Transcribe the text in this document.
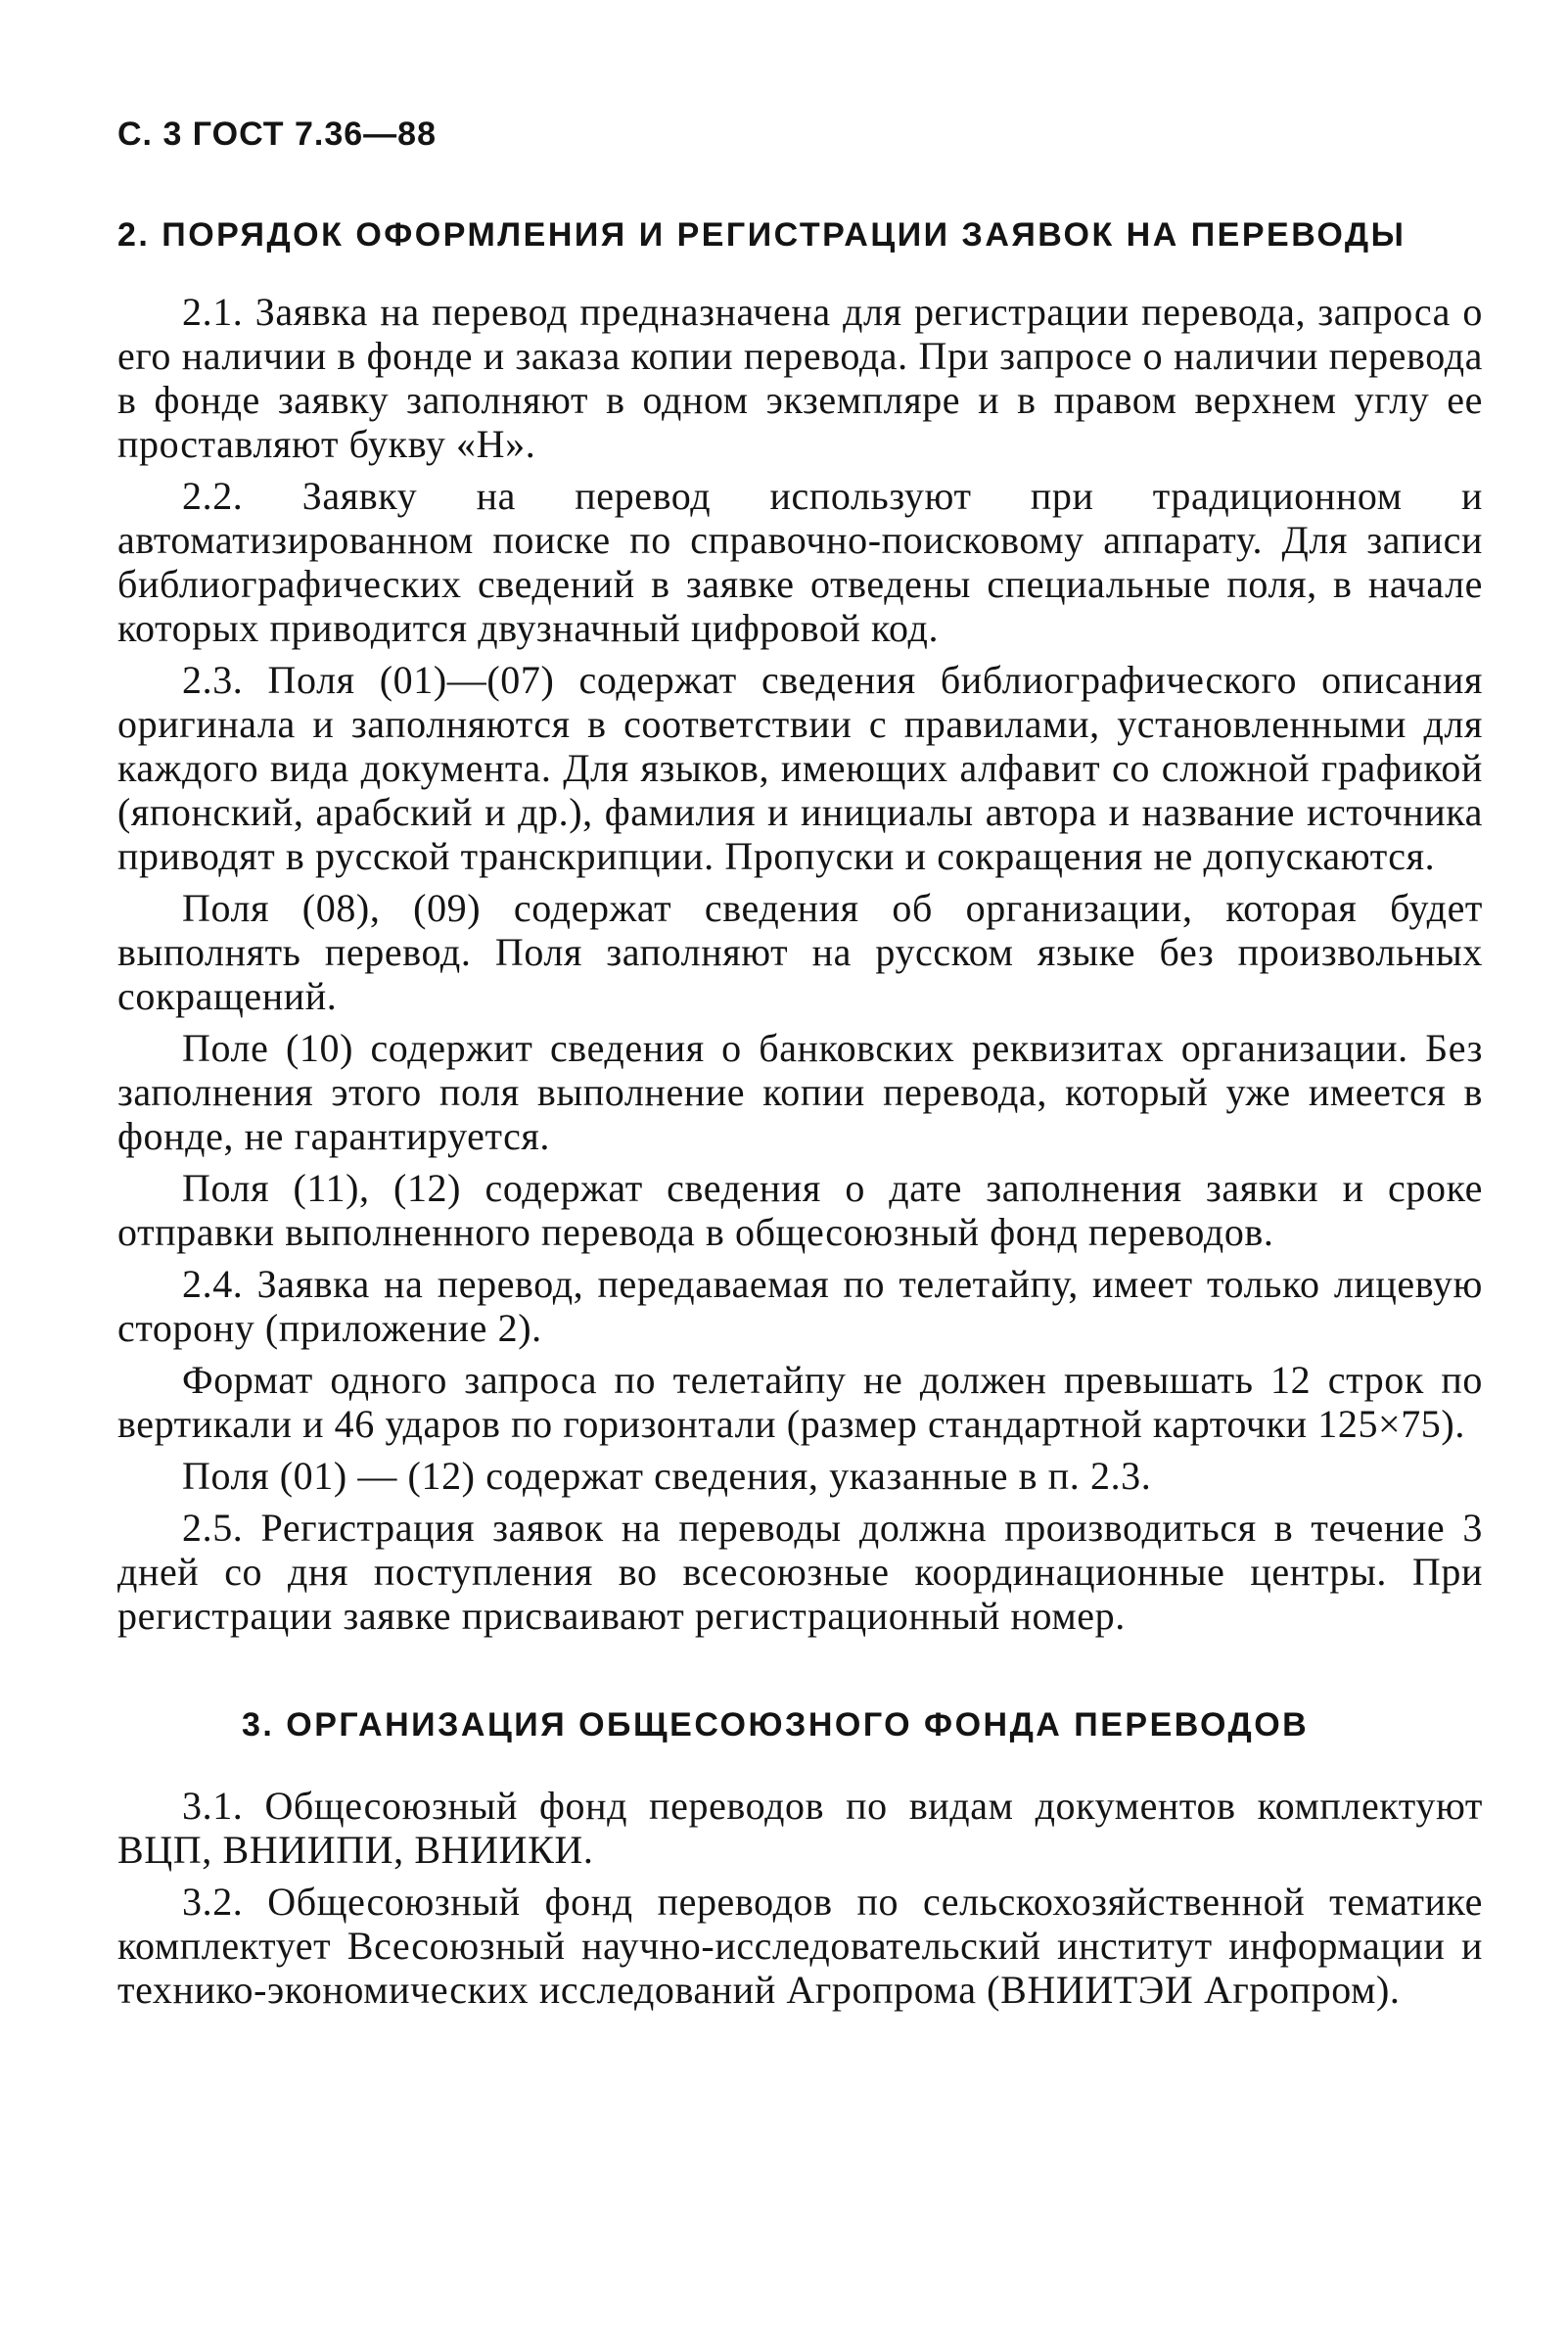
С. 3 ГОСТ 7.36—88
2. ПОРЯДОК ОФОРМЛЕНИЯ И РЕГИСТРАЦИИ ЗАЯВОК НА ПЕРЕВОДЫ

2.1. Заявка на перевод предназначена для регистрации перевода, запроса о его наличии в фонде и заказа копии перевода. При запросе о наличии перевода в фонде заявку заполняют в одном экземпляре и в правом верхнем углу ее проставляют букву «Н».

2.2. Заявку на перевод используют при традиционном и автоматизированном поиске по справочно-поисковому аппарату. Для записи библиографических сведений в заявке отведены специальные поля, в начале которых приводится двузначный цифровой код.

2.3. Поля (01)—(07) содержат сведения библиографического описания оригинала и заполняются в соответствии с правилами, установленными для каждого вида документа. Для языков, имеющих алфавит со сложной графикой (японский, арабский и др.), фамилия и инициалы автора и название источника приводят в русской транскрипции. Пропуски и сокращения не допускаются.

Поля (08), (09) содержат сведения об организации, которая будет выполнять перевод. Поля заполняют на русском языке без произвольных сокращений.

Поле (10) содержит сведения о банковских реквизитах организации. Без заполнения этого поля выполнение копии перевода, который уже имеется в фонде, не гарантируется.

Поля (11), (12) содержат сведения о дате заполнения заявки и сроке отправки выполненного перевода в общесоюзный фонд переводов.

2.4. Заявка на перевод, передаваемая по телетайпу, имеет только лицевую сторону (приложение 2).

Формат одного запроса по телетайпу не должен превышать 12 строк по вертикали и 46 ударов по горизонтали (размер стандартной карточки 125×75).

Поля (01) — (12) содержат сведения, указанные в п. 2.3.

2.5. Регистрация заявок на переводы должна производиться в течение 3 дней со дня поступления во всесоюзные координационные центры. При регистрации заявке присваивают регистрационный номер.

3. ОРГАНИЗАЦИЯ ОБЩЕСОЮЗНОГО ФОНДА ПЕРЕВОДОВ

3.1. Общесоюзный фонд переводов по видам документов комплектуют ВЦП, ВНИИПИ, ВНИИКИ.

3.2. Общесоюзный фонд переводов по сельскохозяйственной тематике комплектует Всесоюзный научно-исследовательский институт информации и технико-экономических исследований Агропрома (ВНИИТЭИ Агропром).
